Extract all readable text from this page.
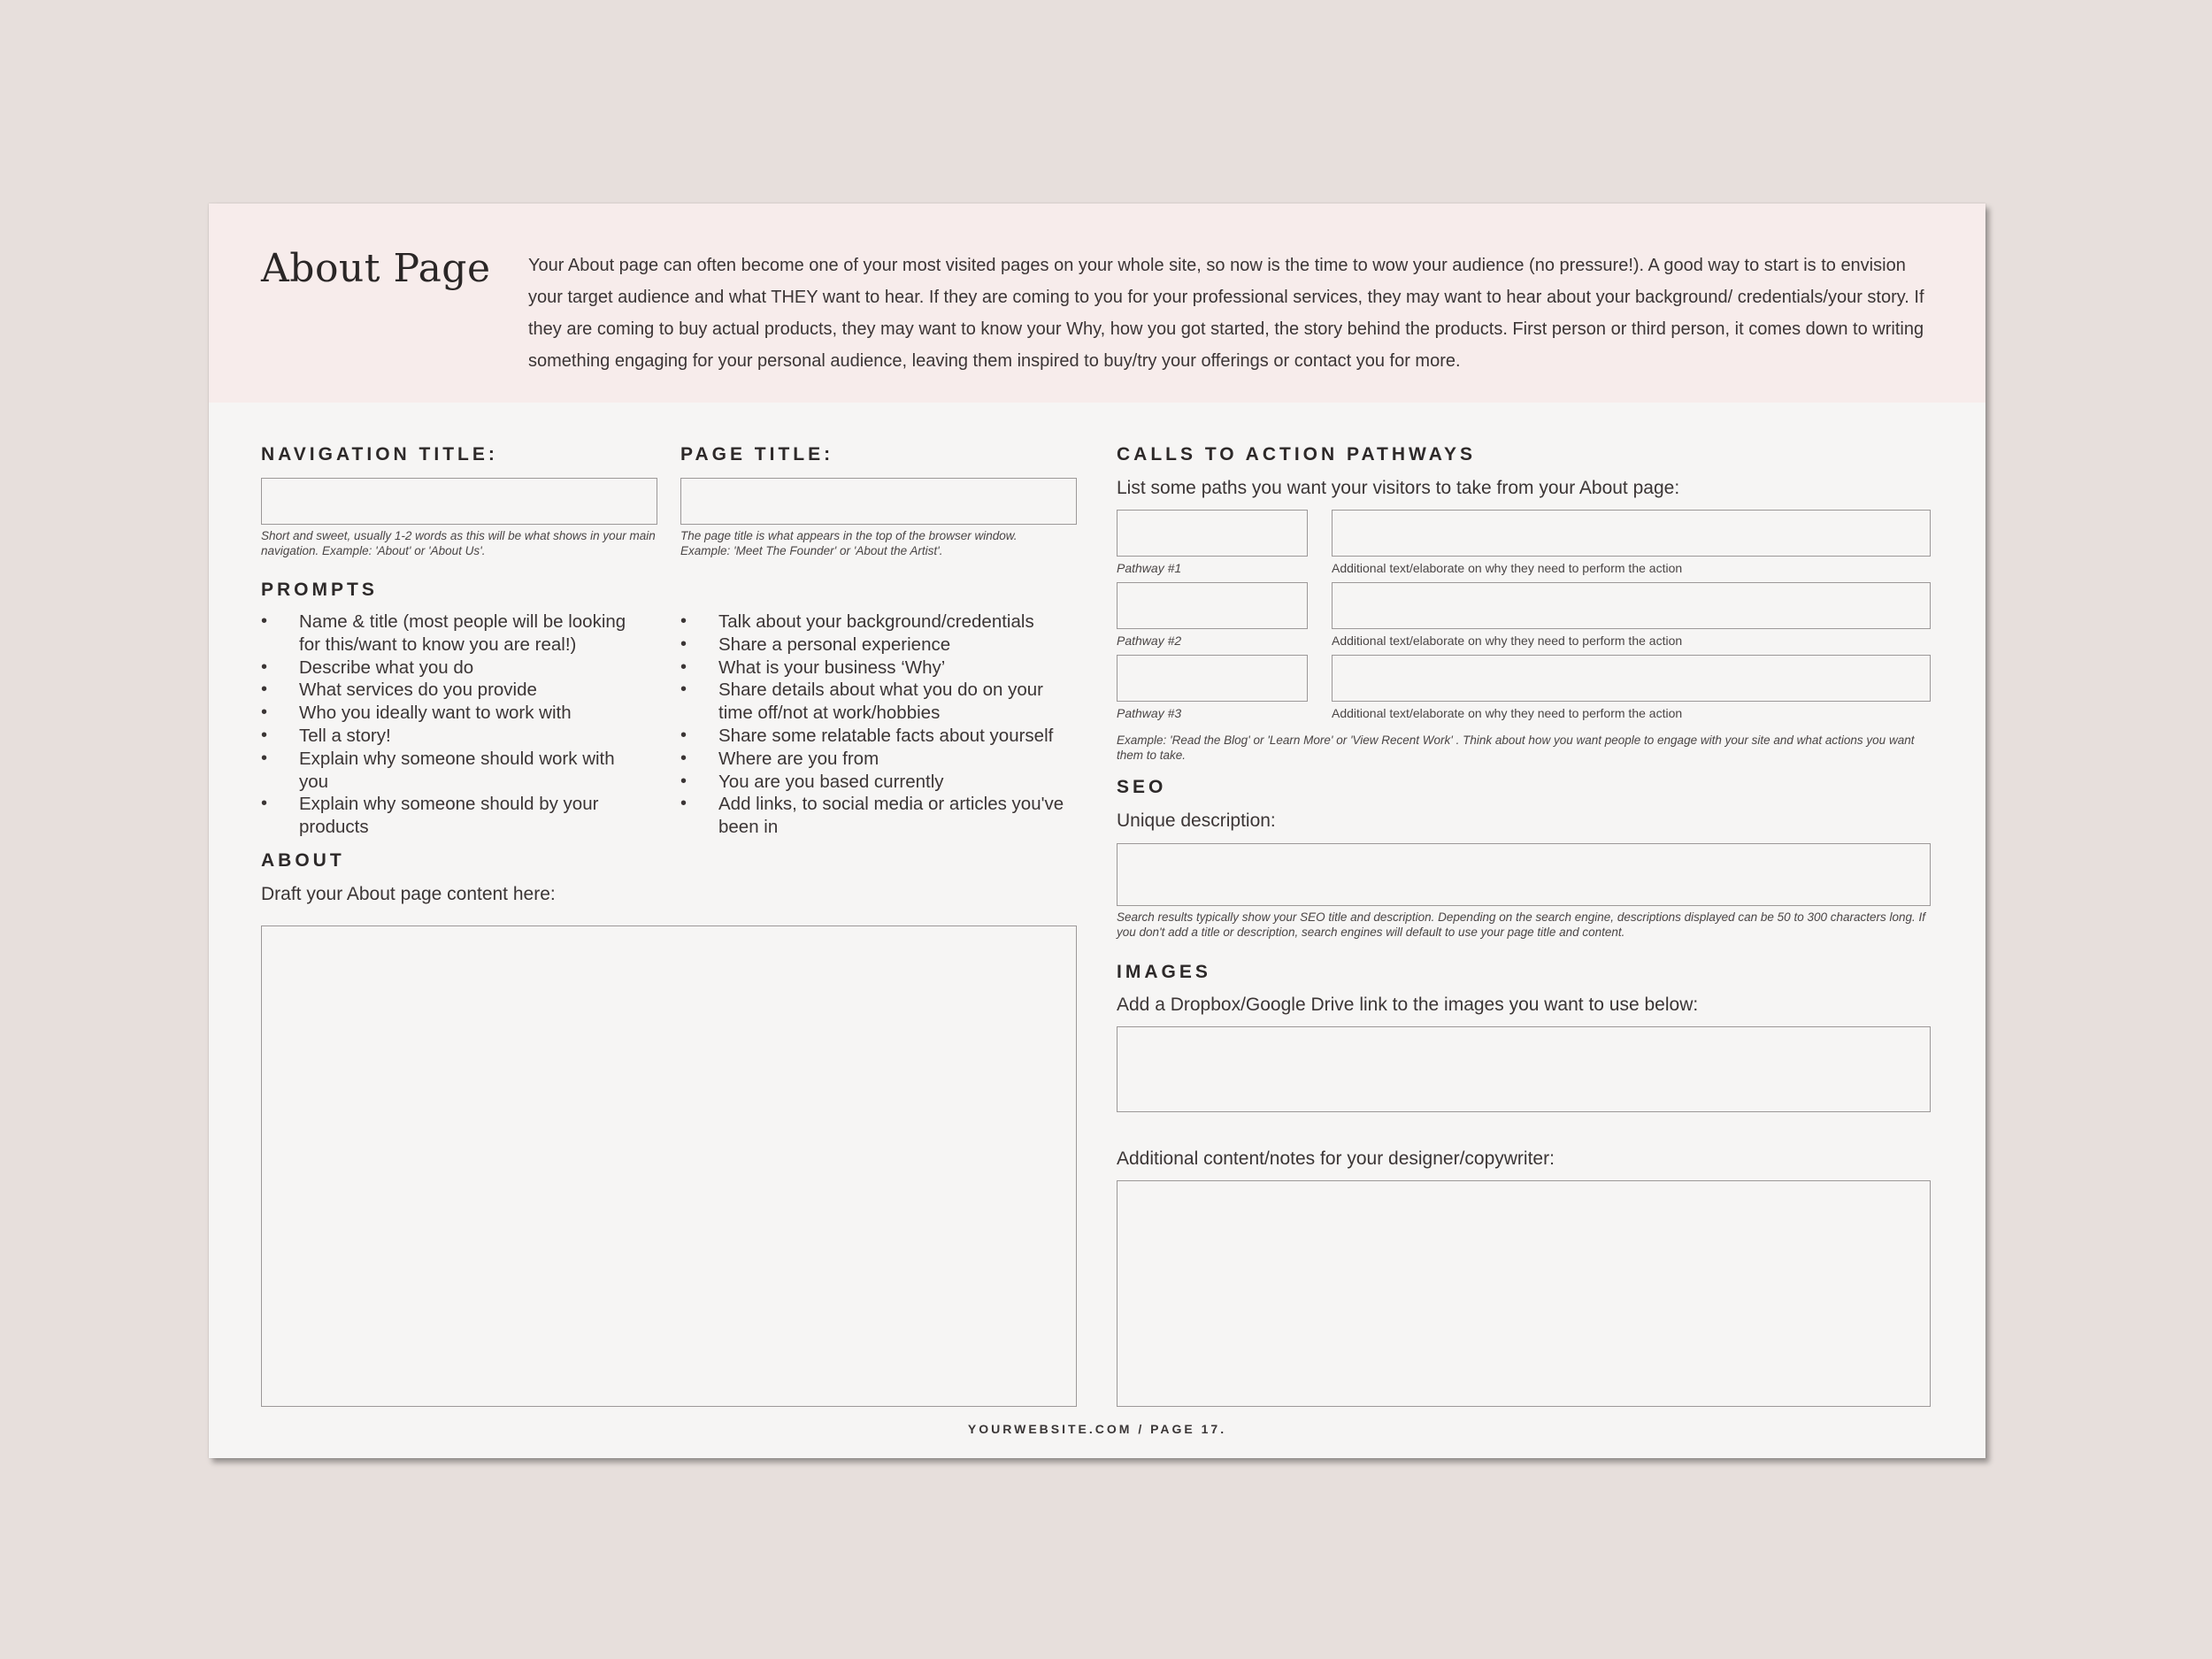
About Page Your About page can often become one of your most visited pages on your whole site, so now is the time to wow your audience (no pressure!). A good way to start is to envision your target audience and what THEY want to hear. If they are coming to you for your professional services, they may want to hear about your background/ credentials/your story. If they are coming to buy actual products, they may want to know your Why, how you got started, the story behind the products. First person or third person, it comes down to writing something engaging for your personal audience, leaving them inspired to buy/try your offerings or contact you for more.

NAVIGATION TITLE:

Short and sweet, usually 1-2 words as this will be what shows in your main navigation. Example: 'About' or 'About Us'.

PAGE TITLE:

The page title is what appears in the top of the browser window. Example: 'Meet The Founder' or 'About the Artist'.

PROMPTS
• Name & title (most people will be looking for this/want to know you are real!)
• Describe what you do
• What services do you provide
• Who you ideally want to work with
• Tell a story!
• Explain why someone should work with you
• Explain why someone should by your products
• Talk about your background/credentials
• Share a personal experience
• What is your business ‘Why’
• Share details about what you do on your time off/not at work/hobbies
• Share some relatable facts about yourself
• Where are you from
• You are you based currently
• Add links, to social media or articles you've been in
ABOUT

Draft your About page content here:

CALLS TO ACTION PATHWAYS

List some paths you want your visitors to take from your About page:

Pathway #1	Additional text/elaborate on why they need to perform the action

Pathway #2	Additional text/elaborate on why they need to perform the action

Pathway #3	Additional text/elaborate on why they need to perform the action

Example: 'Read the Blog' or 'Learn More' or 'View Recent Work' . Think about how you want people to engage with your site and what actions you want them to take.

SEO

Unique description:

Search results typically show your SEO title and description. Depending on the search engine, descriptions displayed can be 50 to 300 characters long. If you don't add a title or description, search engines will default to use your page title and content.

IMAGES

Add a Dropbox/Google Drive link to the images you want to use below:

Additional content/notes for your designer/copywriter:

YOURWEBSITE.COM / PAGE 17.
